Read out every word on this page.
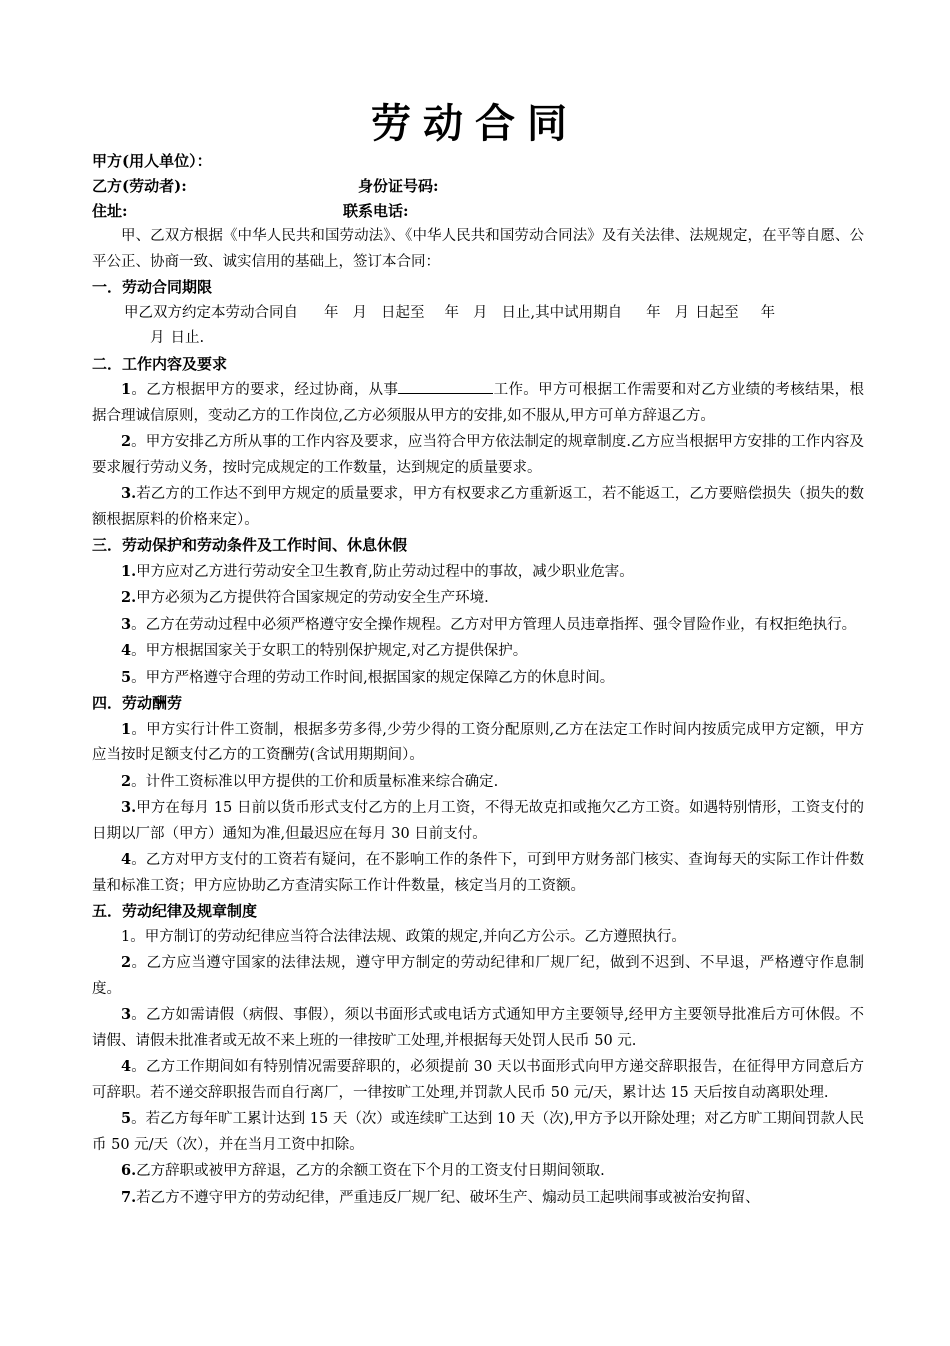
劳动合同
甲方(用人单位）：
乙方(劳动者):	身份证号码:
住址:	联系电话:

甲、乙双方根据《中华人民共和国劳动法》、《中华人民共和国劳动合同法》及有关法律、法规规定，在平等自愿、公平公正、协商一致、诚实信用的基础上，签订本合同：

一．劳动合同期限

甲乙双方约定本劳动合同自 年 月 日起至 年 月 日止,其中试用期自 年 月 日起至 年

月 日止.

二．工作内容及要求

1。乙方根据甲方的要求，经过协商，从事	工作。甲方可根据工作需要和对乙方业绩的考核结果，根据合理诚信原则，变动乙方的工作岗位,乙方必须服从甲方的安排,如不服从,甲方可单方辞退乙方。

2。甲方安排乙方所从事的工作内容及要求，应当符合甲方依法制定的规章制度.乙方应当根据甲方安排的工作内容及要求履行劳动义务，按时完成规定的工作数量，达到规定的质量要求。

3.若乙方的工作达不到甲方规定的质量要求，甲方有权要求乙方重新返工，若不能返工，乙方要赔偿损失（损失的数额根据原料的价格来定）。

三．劳动保护和劳动条件及工作时间、休息休假

1.甲方应对乙方进行劳动安全卫生教育,防止劳动过程中的事故，减少职业危害。

2.甲方必须为乙方提供符合国家规定的劳动安全生产环境.

3。乙方在劳动过程中必须严格遵守安全操作规程。乙方对甲方管理人员违章指挥、强令冒险作业，有权拒绝执行。

4。甲方根据国家关于女职工的特别保护规定,对乙方提供保护。

5。甲方严格遵守合理的劳动工作时间,根据国家的规定保障乙方的休息时间。

四．劳动酬劳

1。甲方实行计件工资制，根据多劳多得,少劳少得的工资分配原则,乙方在法定工作时间内按质完成甲方定额，甲方应当按时足额支付乙方的工资酬劳(含试用期期间）。

2。计件工资标准以甲方提供的工价和质量标准来综合确定.

3.甲方在每月 15 日前以货币形式支付乙方的上月工资，不得无故克扣或拖欠乙方工资。如遇特别情形，工资支付的日期以厂部（甲方）通知为准,但最迟应在每月 30 日前支付。

4。乙方对甲方支付的工资若有疑问，在不影响工作的条件下，可到甲方财务部门核实、查询每天的实际工作计件数量和标准工资；甲方应协助乙方查清实际工作计件数量，核定当月的工资额。

五．劳动纪律及规章制度

1。甲方制订的劳动纪律应当符合法律法规、政策的规定,并向乙方公示。乙方遵照执行。

2。乙方应当遵守国家的法律法规，遵守甲方制定的劳动纪律和厂规厂纪，做到不迟到、不早退，严格遵守作息制度。

3。乙方如需请假（病假、事假），须以书面形式或电话方式通知甲方主要领导,经甲方主要领导批准后方可休假。不请假、请假未批准者或无故不来上班的一律按旷工处理,并根据每天处罚人民币 50 元.

4。乙方工作期间如有特别情况需要辞职的，必须提前 30 天以书面形式向甲方递交辞职报告，在征得甲方同意后方可辞职。若不递交辞职报告而自行离厂，一律按旷工处理,并罚款人民币 50 元/天，累计达 15 天后按自动离职处理.

5。若乙方每年旷工累计达到 15 天（次）或连续旷工达到 10 天（次),甲方予以开除处理；对乙方旷工期间罚款人民币 50 元/天（次），并在当月工资中扣除。

6.乙方辞职或被甲方辞退，乙方的余额工资在下个月的工资支付日期间领取.

7.若乙方不遵守甲方的劳动纪律，严重违反厂规厂纪、破坏生产、煽动员工起哄闹事或被治安拘留、
